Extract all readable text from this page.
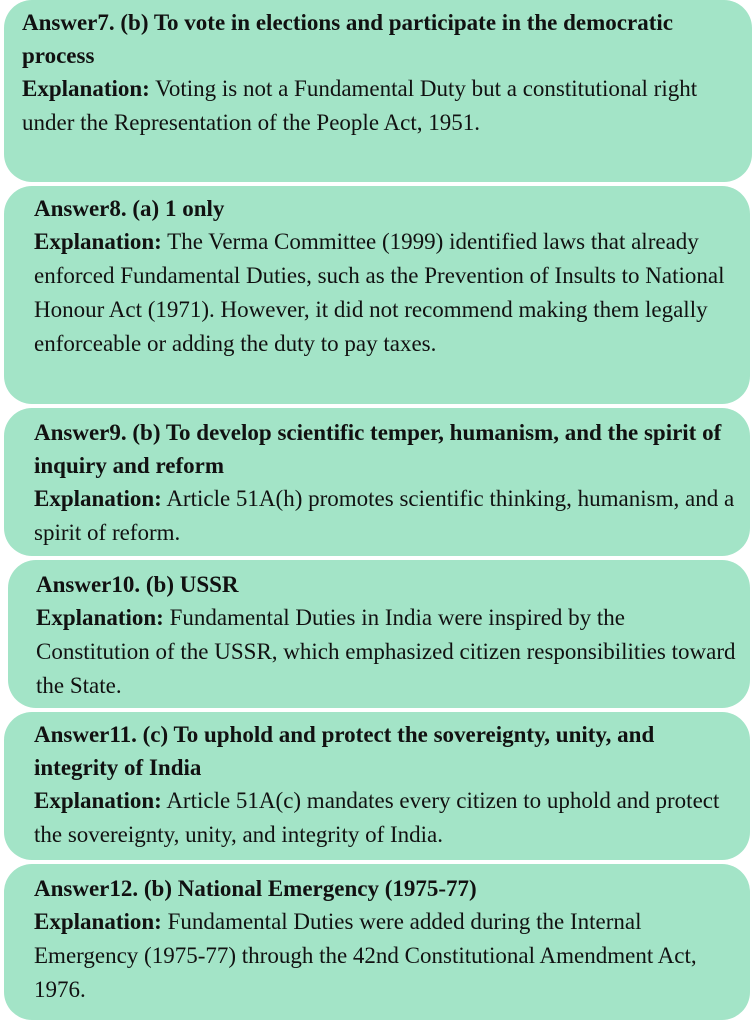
Answer7. (b) To vote in elections and participate in the democratic process

Explanation: Voting is not a Fundamental Duty but a constitutional right under the Representation of the People Act, 1951.

Answer8. (a) 1 only

Explanation: The Verma Committee (1999) identified laws that already enforced Fundamental Duties, such as the Prevention of Insults to National Honour Act (1971). However, it did not recommend making them legally enforceable or adding the duty to pay taxes.

Answer9. (b) To develop scientific temper, humanism, and the spirit of inquiry and reform

Explanation: Article 51A(h) promotes scientific thinking, humanism, and a spirit of reform.

Answer10. (b) USSR

Explanation: Fundamental Duties in India were inspired by the Constitution of the USSR, which emphasized citizen responsibilities toward the State.

Answer11. (c) To uphold and protect the sovereignty, unity, and integrity of India

Explanation: Article 51A(c) mandates every citizen to uphold and protect the sovereignty, unity, and integrity of India.

Answer12. (b) National Emergency (1975-77)

Explanation: Fundamental Duties were added during the Internal Emergency (1975-77) through the 42nd Constitutional Amendment Act, 1976.
